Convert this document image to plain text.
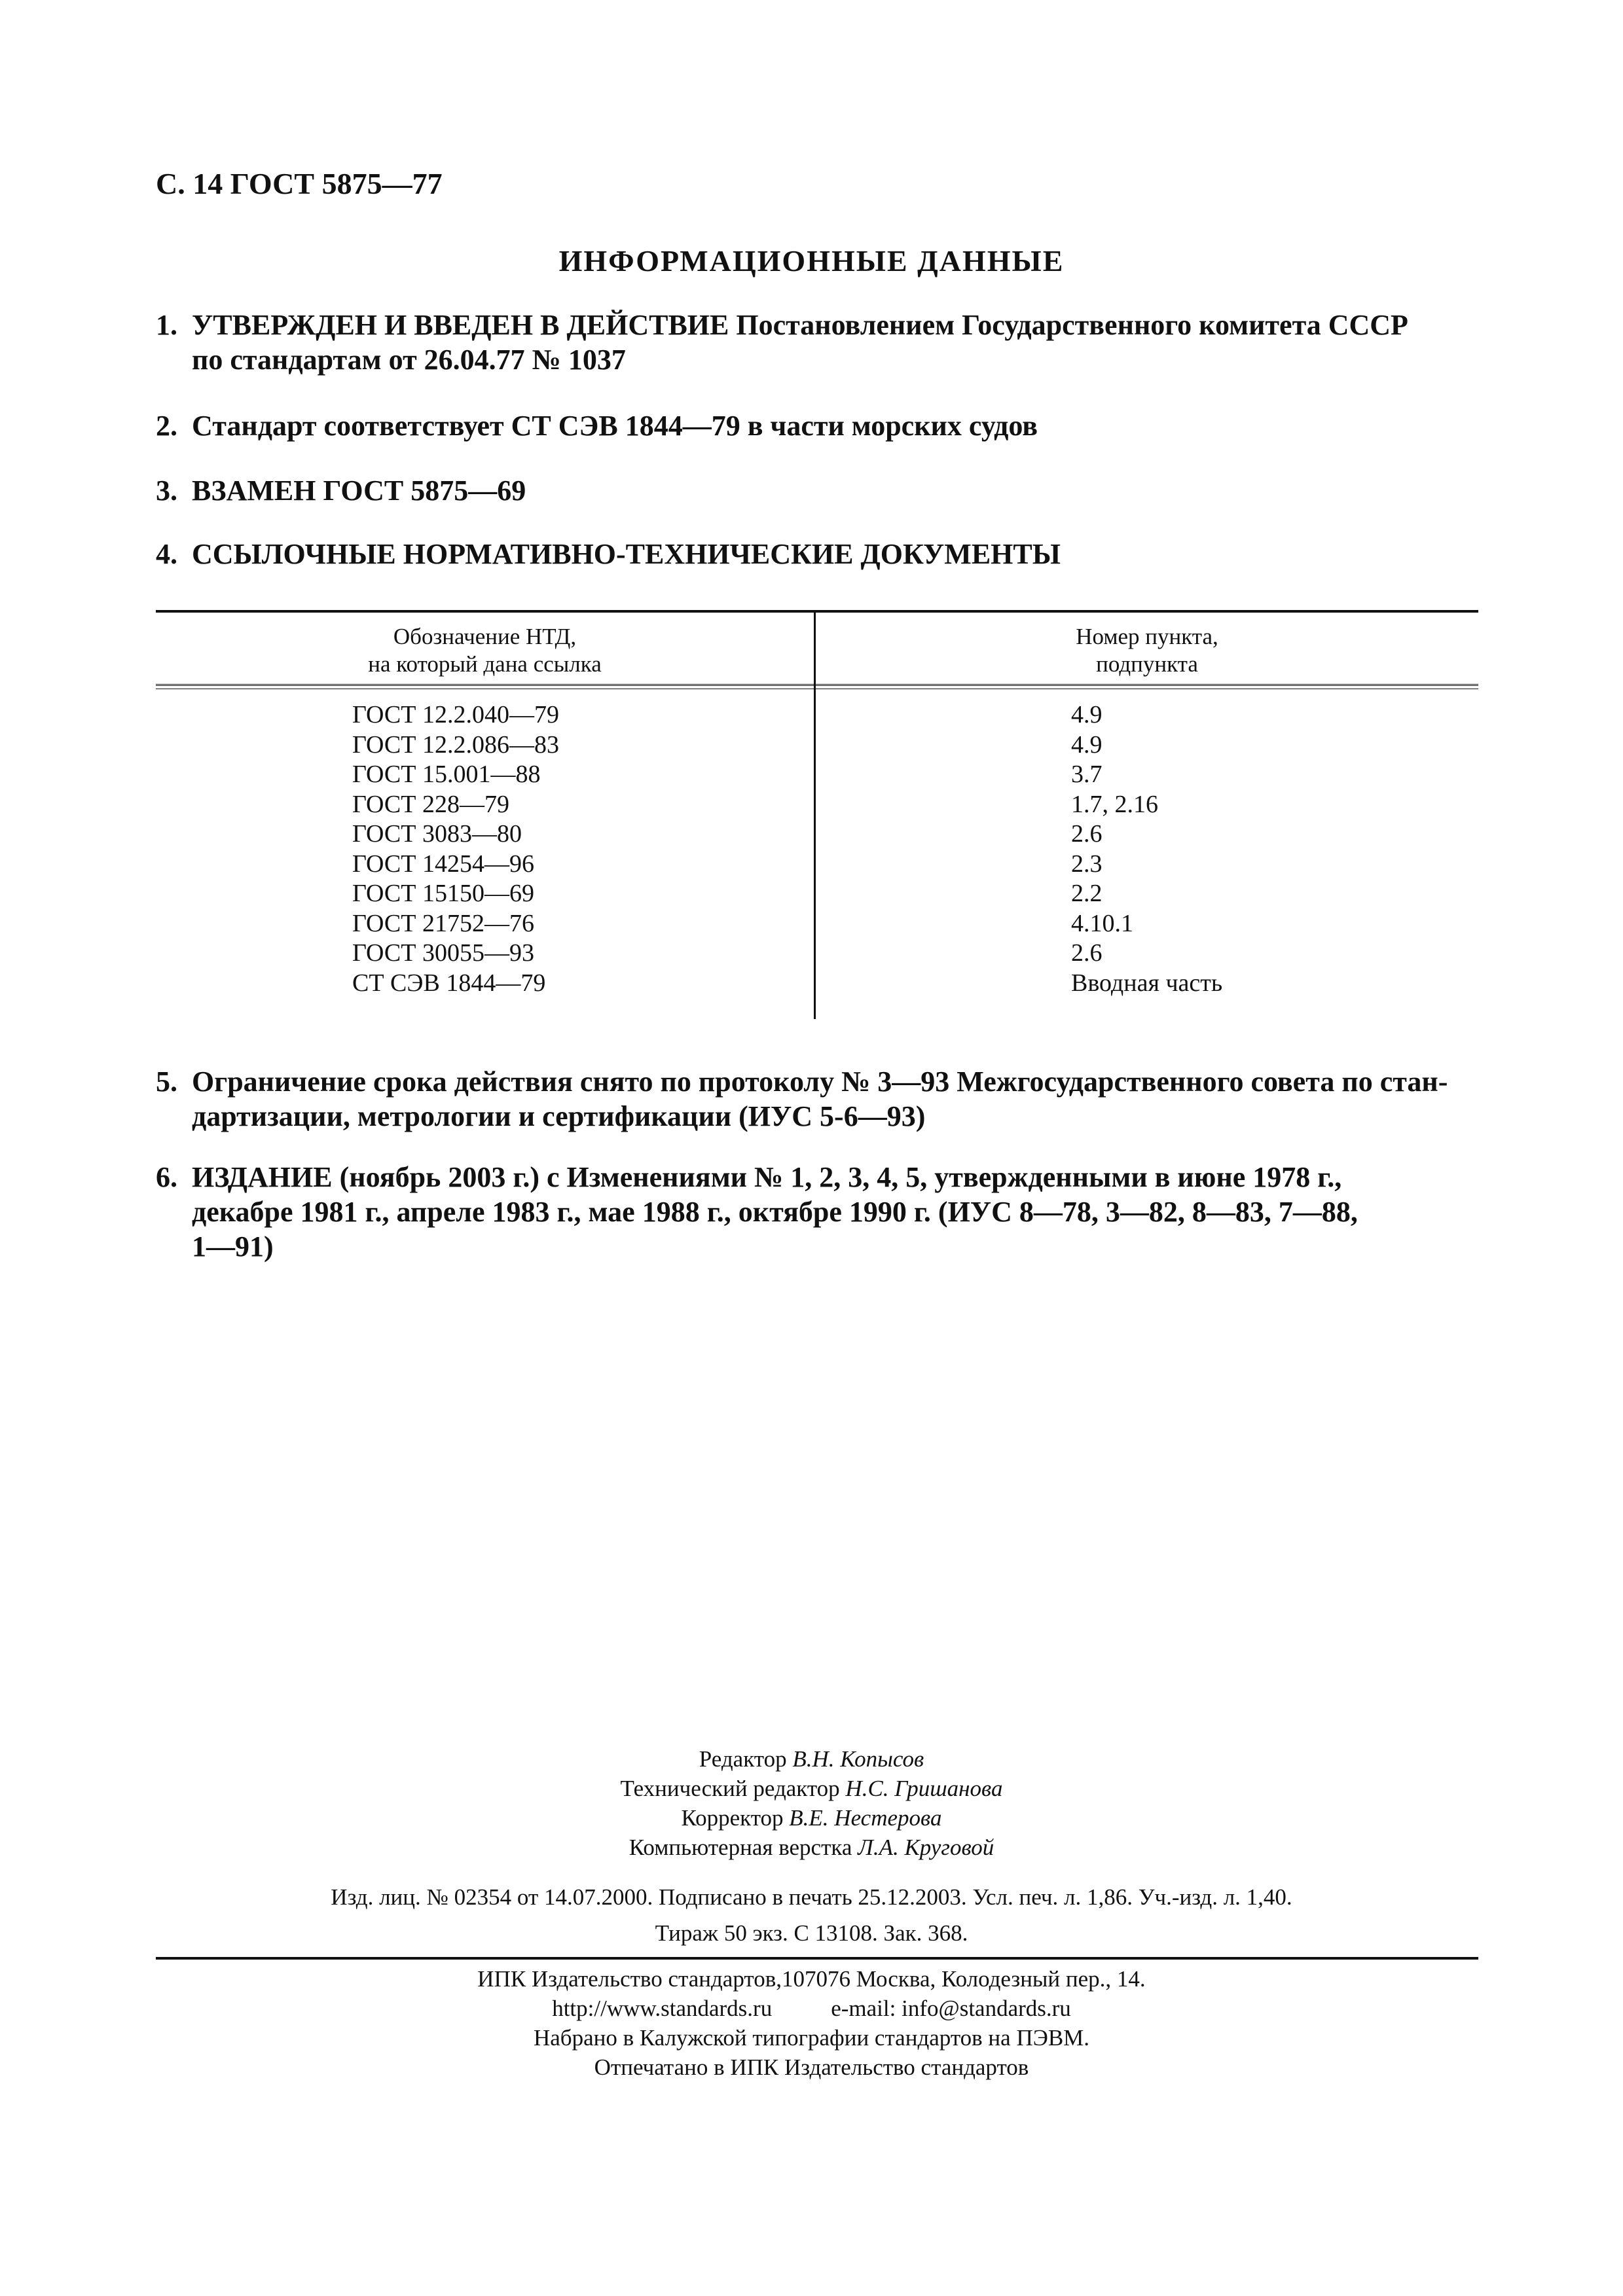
С. 14 ГОСТ 5875—77
ИНФОРМАЦИОННЫЕ ДАННЫЕ
1. УТВЕРЖДЕН И ВВЕДЕН В ДЕЙСТВИЕ Постановлением Государственного комитета СССР
по стандартам от 26.04.77 № 1037
2. Стандарт соответствует СТ СЭВ 1844—79 в части морских судов
3. ВЗАМЕН ГОСТ 5875—69
4. ССЫЛОЧНЫЕ НОРМАТИВНО-ТЕХНИЧЕСКИЕ ДОКУМЕНТЫ
Обозначение НТД,
на который дана ссылка
Номер пункта,
подпункта
ГОСТ 12.2.040—79
ГОСТ 12.2.086—83
ГОСТ 15.001—88
ГОСТ 228—79
ГОСТ 3083—80
ГОСТ 14254—96
ГОСТ 15150—69
ГОСТ 21752—76
ГОСТ 30055—93
СТ СЭВ 1844—79
4.9
4.9
3.7
1.7, 2.16
2.6
2.3
2.2
4.10.1
2.6
Вводная часть
5. Ограничение срока действия снято по протоколу № 3—93 Межгосударственного совета по стан-
дартизации, метрологии и сертификации (ИУС 5-6—93)
6. ИЗДАНИЕ (ноябрь 2003 г.) с Изменениями № 1, 2, 3, 4, 5, утвержденными в июне 1978 г.,
декабре 1981 г., апреле 1983 г., мае 1988 г., октябре 1990 г. (ИУС 8—78, 3—82, 8—83, 7—88,
1—91)
Редактор В.Н. Копысов
Технический редактор Н.С. Гришанова
Корректор В.Е. Нестерова
Компьютерная верстка Л.А. Круговой
Изд. лиц. № 02354 от 14.07.2000. Подписано в печать 25.12.2003. Усл. печ. л. 1,86. Уч.-изд. л. 1,40.
Тираж 50 экз. С 13108. Зак. 368.
ИПК Издательство стандартов,107076 Москва, Колодезный пер., 14.
http://www.standards.ru	e-mail: info@standards.ru
Набрано в Калужской типографии стандартов на ПЭВМ.
Отпечатано в ИПК Издательство стандартов
